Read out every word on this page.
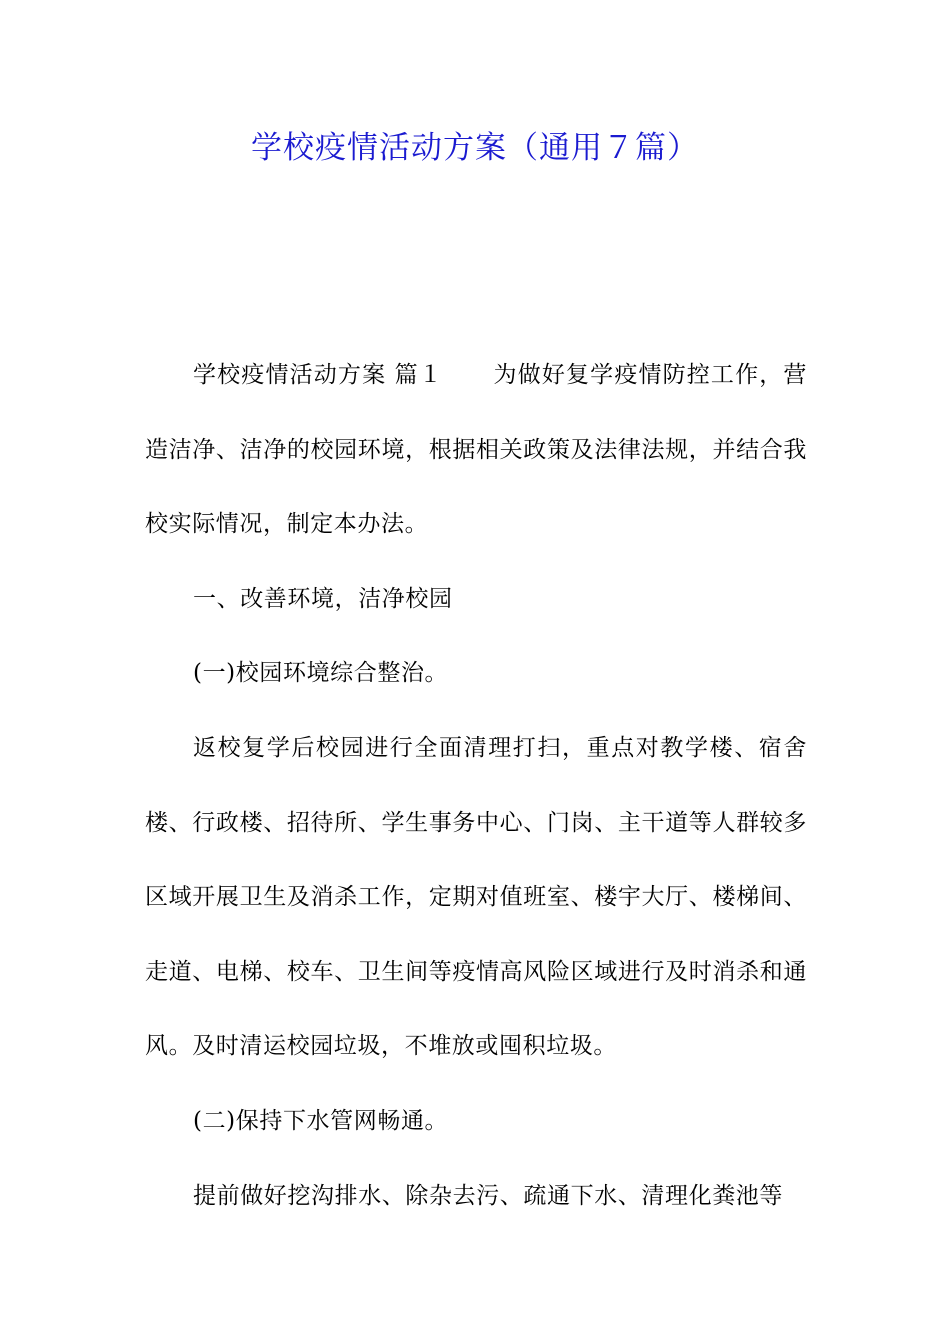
学校疫情活动方案（通用７篇）

学校疫情活动方案 篇１ 为做好复学疫情防控工作，营造洁净、洁净的校园环境，根据相关政策及法律法规，并结合我校实际情况，制定本办法。

一、改善环境，洁净校园

(一)校园环境综合整治。

返校复学后校园进行全面清理打扫，重点对教学楼、宿舍楼、行政楼、招待所、学生事务中心、门岗、主干道等人群较多区域开展卫生及消杀工作，定期对值班室、楼宇大厅、楼梯间、走道、电梯、校车、卫生间等疫情高风险区域进行及时消杀和通风。及时清运校园垃圾，不堆放或囤积垃圾。

(二)保持下水管网畅通。

提前做好挖沟排水、除杂去污、疏通下水、清理化粪池等
